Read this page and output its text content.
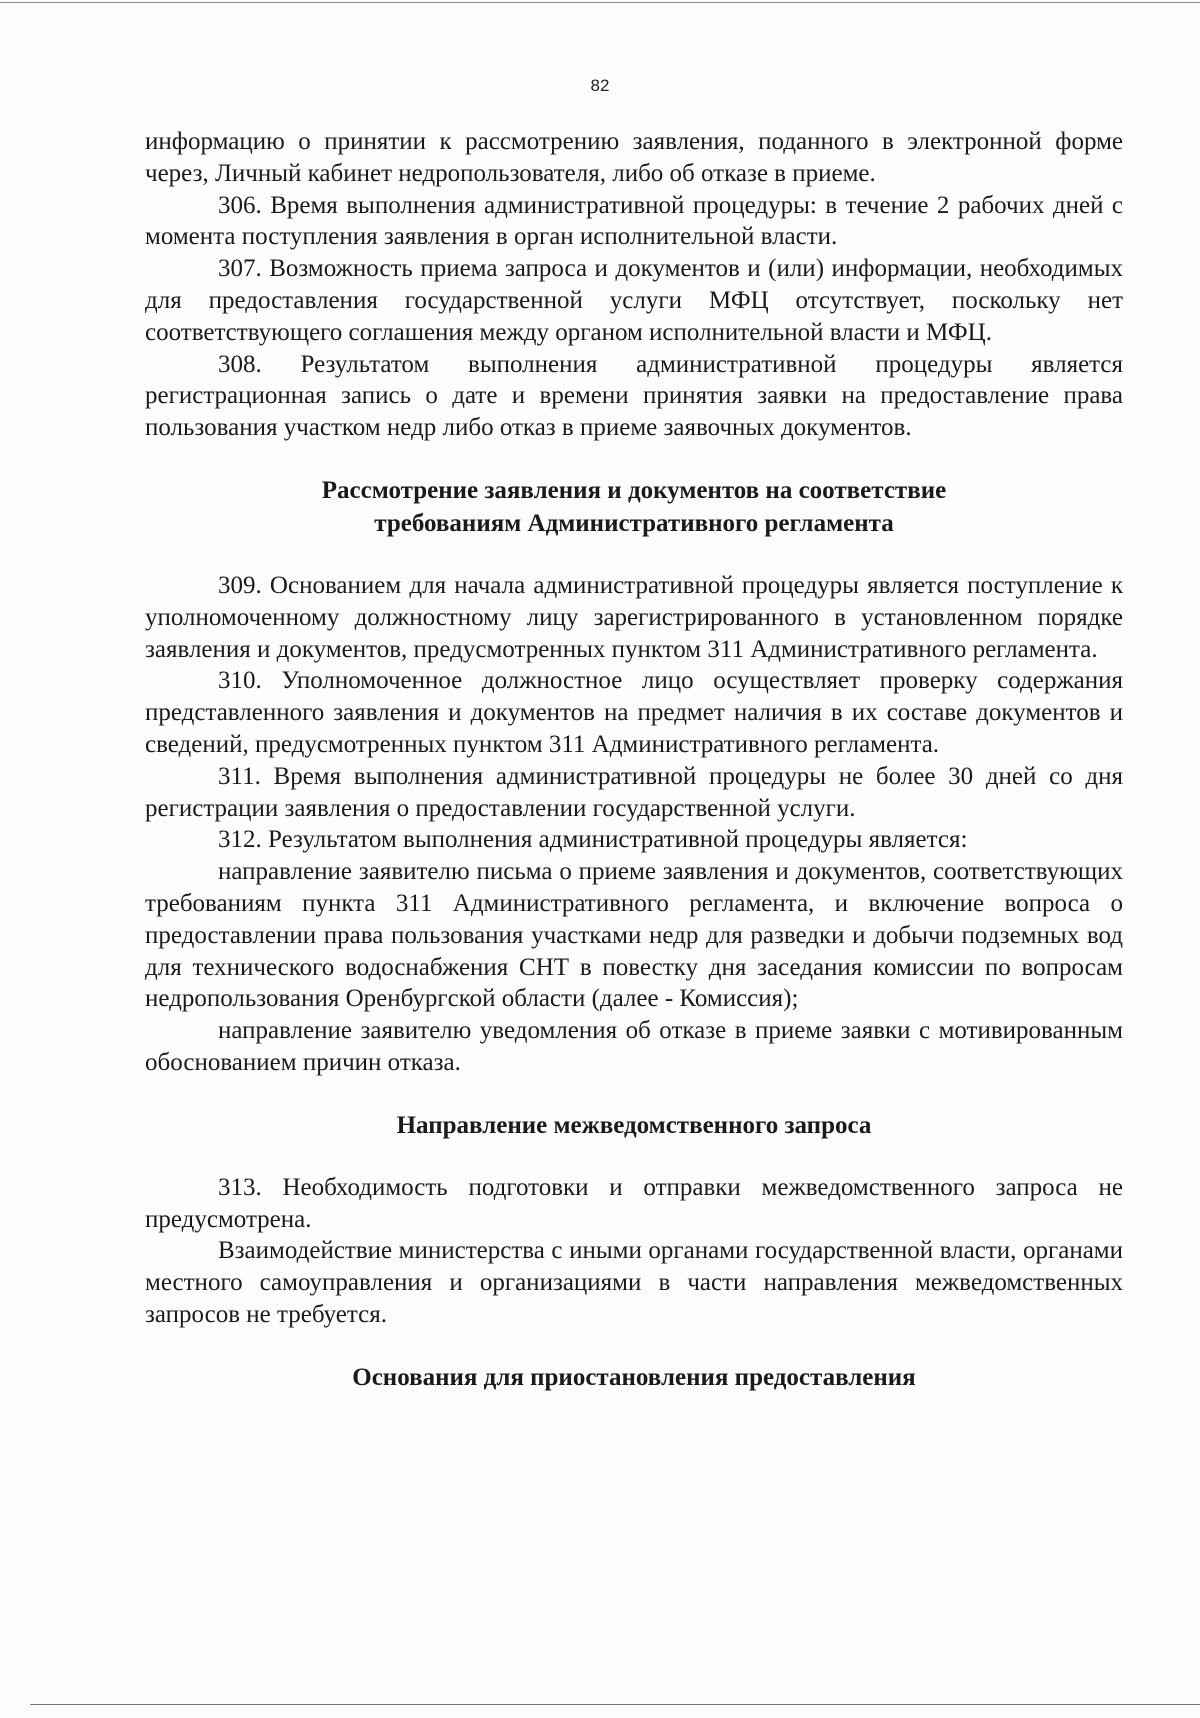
82

информацию о принятии к рассмотрению заявления, поданного в электронной форме через, Личный кабинет недропользователя, либо об отказе в приеме.

306. Время выполнения административной процедуры: в течение 2 рабочих дней с момента поступления заявления в орган исполнительной власти.

307. Возможность приема запроса и документов и (или) информации, необходимых для предоставления государственной услуги МФЦ отсутствует, поскольку нет соответствующего соглашения между органом исполнительной власти и МФЦ.

308. Результатом выполнения административной процедуры является регистрационная запись о дате и времени принятия заявки на предоставление права пользования участком недр либо отказ в приеме заявочных документов.

Рассмотрение заявления и документов на соответствие

требованиям Административного регламента

309. Основанием для начала административной процедуры является поступление к уполномоченному должностному лицу зарегистрированного в установленном порядке заявления и документов, предусмотренных пунктом 311 Административного регламента.

310. Уполномоченное должностное лицо осуществляет проверку содержания представленного заявления и документов на предмет наличия в их составе документов и сведений, предусмотренных пунктом 311 Административного регламента.

311. Время выполнения административной процедуры не более 30 дней со дня регистрации заявления о предоставлении государственной услуги.

312. Результатом выполнения административной процедуры является:

направление заявителю письма о приеме заявления и документов, соответствующих требованиям пункта 311 Административного регламента, и включение вопроса о предоставлении права пользования участками недр для разведки и добычи подземных вод для технического водоснабжения СНТ в повестку дня заседания комиссии по вопросам недропользования Оренбургской области (далее - Комиссия);

направление заявителю уведомления об отказе в приеме заявки с мотивированным обоснованием причин отказа.

Направление межведомственного запроса

313. Необходимость подготовки и отправки межведомственного запроса не предусмотрена.

Взаимодействие министерства с иными органами государственной власти, органами местного самоуправления и организациями в части направления межведомственных запросов не требуется.

Основания для приостановления предоставления
